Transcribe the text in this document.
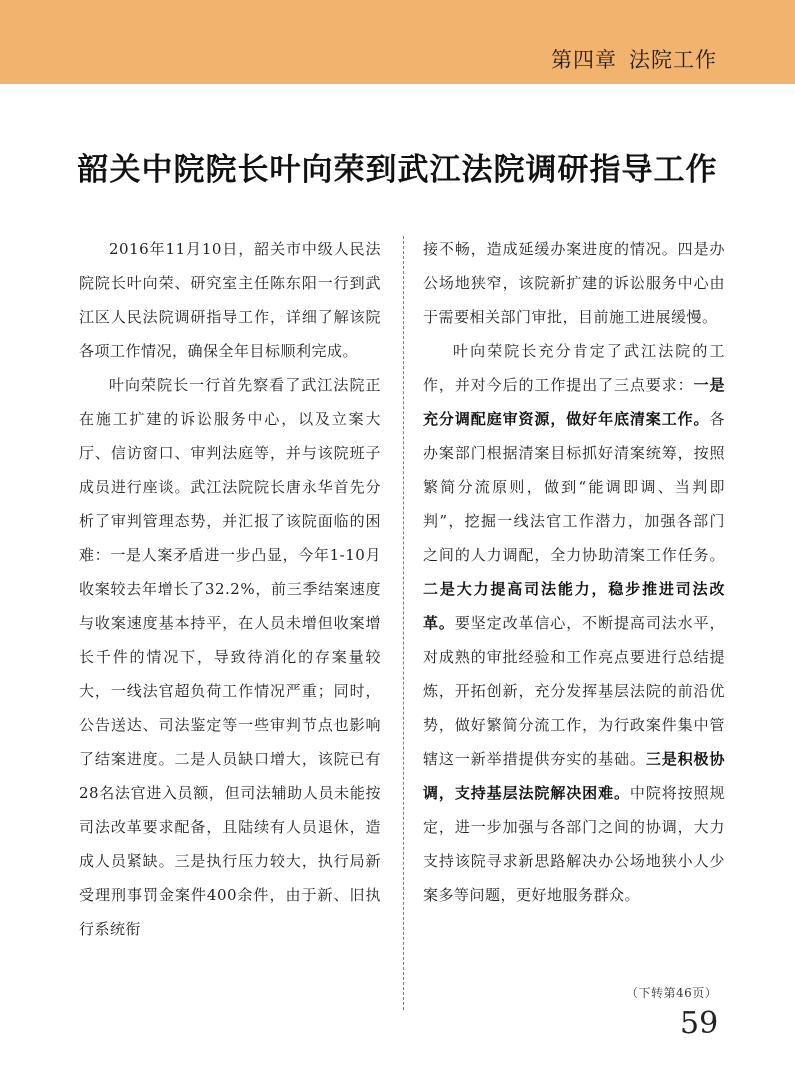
第四章 法院工作
韶关中院院长叶向荣到武江法院调研指导工作

2016年11月10日，韶关市中级人民法院院长叶向荣、研究室主任陈东阳一行到武江区人民法院调研指导工作，详细了解该院各项工作情况，确保全年目标顺利完成。

叶向荣院长一行首先察看了武江法院正在施工扩建的诉讼服务中心，以及立案大厅、信访窗口、审判法庭等，并与该院班子成员进行座谈。武江法院院长唐永华首先分析了审判管理态势，并汇报了该院面临的困难：一是人案矛盾进一步凸显，今年1-10月收案较去年增长了32.2%，前三季结案速度与收案速度基本持平，在人员未增但收案增长千件的情况下，导致待消化的存案量较大，一线法官超负荷工作情况严重；同时，公告送达、司法鉴定等一些审判节点也影响了结案进度。二是人员缺口增大，该院已有28名法官进入员额，但司法辅助人员未能按司法改革要求配备，且陆续有人员退休，造成人员紧缺。三是执行压力较大，执行局新受理刑事罚金案件400余件，由于新、旧执行系统衔

接不畅，造成延缓办案进度的情况。四是办公场地狭窄，该院新扩建的诉讼服务中心由于需要相关部门审批，目前施工进展缓慢。

叶向荣院长充分肯定了武江法院的工作，并对今后的工作提出了三点要求：一是充分调配庭审资源，做好年底清案工作。各办案部门根据清案目标抓好清案统筹，按照繁简分流原则，做到“能调即调、当判即判”，挖掘一线法官工作潜力，加强各部门之间的人力调配，全力协助清案工作任务。二是大力提高司法能力，稳步推进司法改革。要坚定改革信心，不断提高司法水平，对成熟的审批经验和工作亮点要进行总结提炼，开拓创新，充分发挥基层法院的前沿优势，做好繁简分流工作，为行政案件集中管辖这一新举措提供夯实的基础。三是积极协调，支持基层法院解决困难。中院将按照规定，进一步加强与各部门之间的协调，大力支持该院寻求新思路解决办公场地狭小人少案多等问题，更好地服务群众。

（下转第46页）
59
